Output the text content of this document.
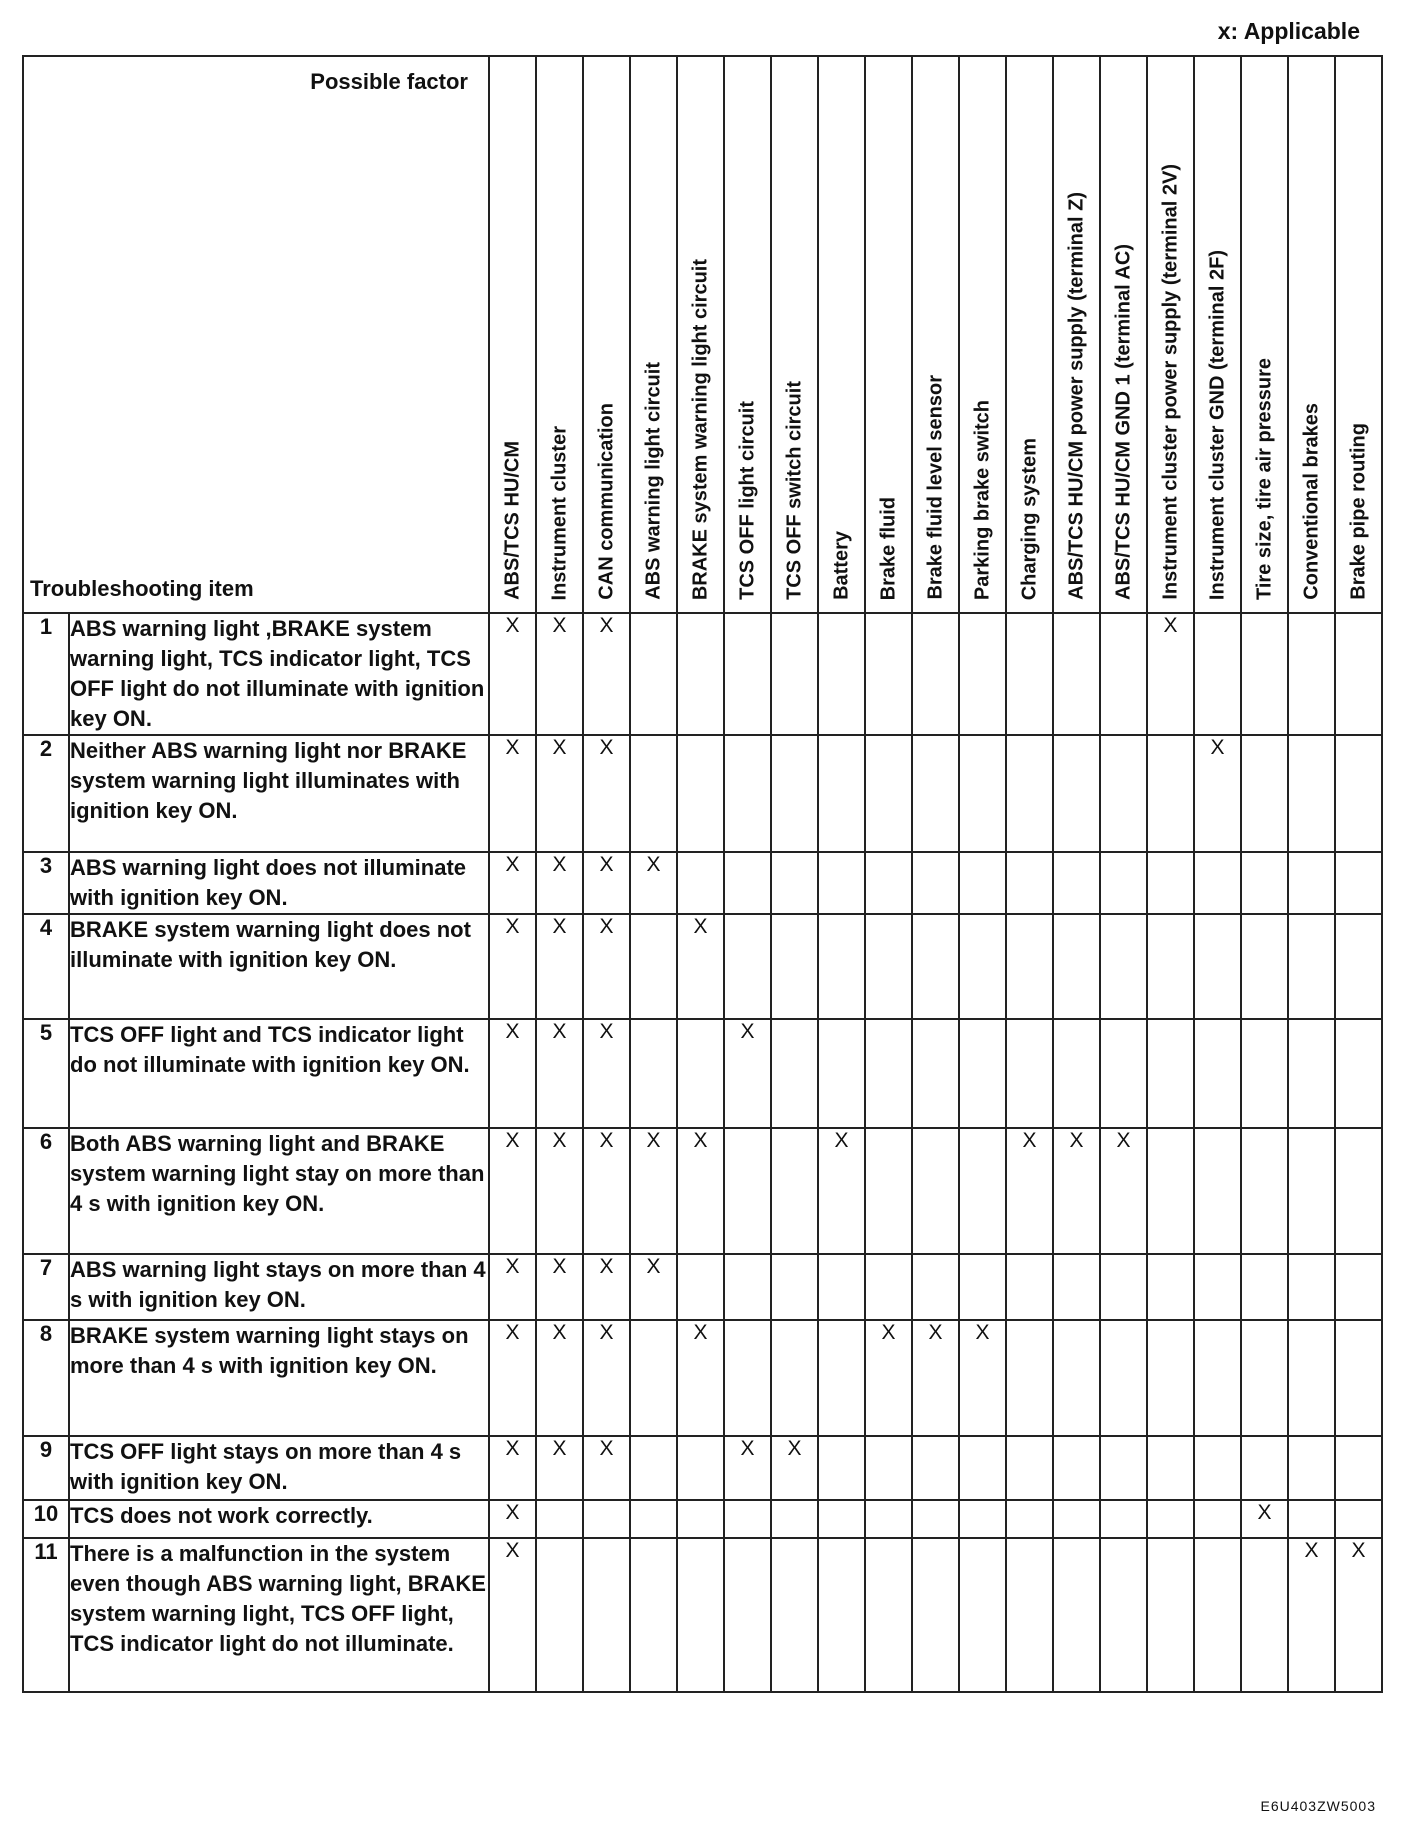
x: Applicable
Possible factor
Troubleshooting item		ABS/TCS HU/CM	Instrument cluster	CAN communication	ABS warning light circuit	BRAKE system warning light circuit	TCS OFF light circuit	TCS OFF switch circuit	Battery	Brake fluid	Brake fluid level sensor	Parking brake switch	Charging system	ABS/TCS HU/CM power supply (terminal Z)	ABS/TCS HU/CM GND 1 (terminal AC)	Instrument cluster power supply (terminal 2V)	Instrument cluster GND (terminal 2F)	Tire size, tire air pressure	Conventional brakes	Brake pipe routing

1	ABS warning light ,BRAKE system warning light, TCS indicator light, TCS OFF light do not illuminate with ignition key ON.	X	X	X												X				
2	Neither ABS warning light nor BRAKE system warning light illuminates with ignition key ON.	X	X	X													X			
3	ABS warning light does not illuminate with ignition key ON.	X	X	X	X															
4	BRAKE system warning light does not illuminate with ignition key ON.	X	X	X		X														
5	TCS OFF light and TCS indicator light do not illuminate with ignition key ON.	X	X	X			X													
6	Both ABS warning light and BRAKE system warning light stay on more than 4 s with ignition key ON.	X	X	X	X	X			X				X	X	X					
7	ABS warning light stays on more than 4 s with ignition key ON.	X	X	X	X															
8	BRAKE system warning light stays on more than 4 s with ignition key ON.	X	X	X		X				X	X	X								
9	TCS OFF light stays on more than 4 s with ignition key ON.	X	X	X			X	X												
10	TCS does not work correctly.	X																X		
11	There is a malfunction in the system even though ABS warning light, BRAKE system warning light, TCS OFF light, TCS indicator light do not illuminate.	X																	X	X
E6U403ZW5003
